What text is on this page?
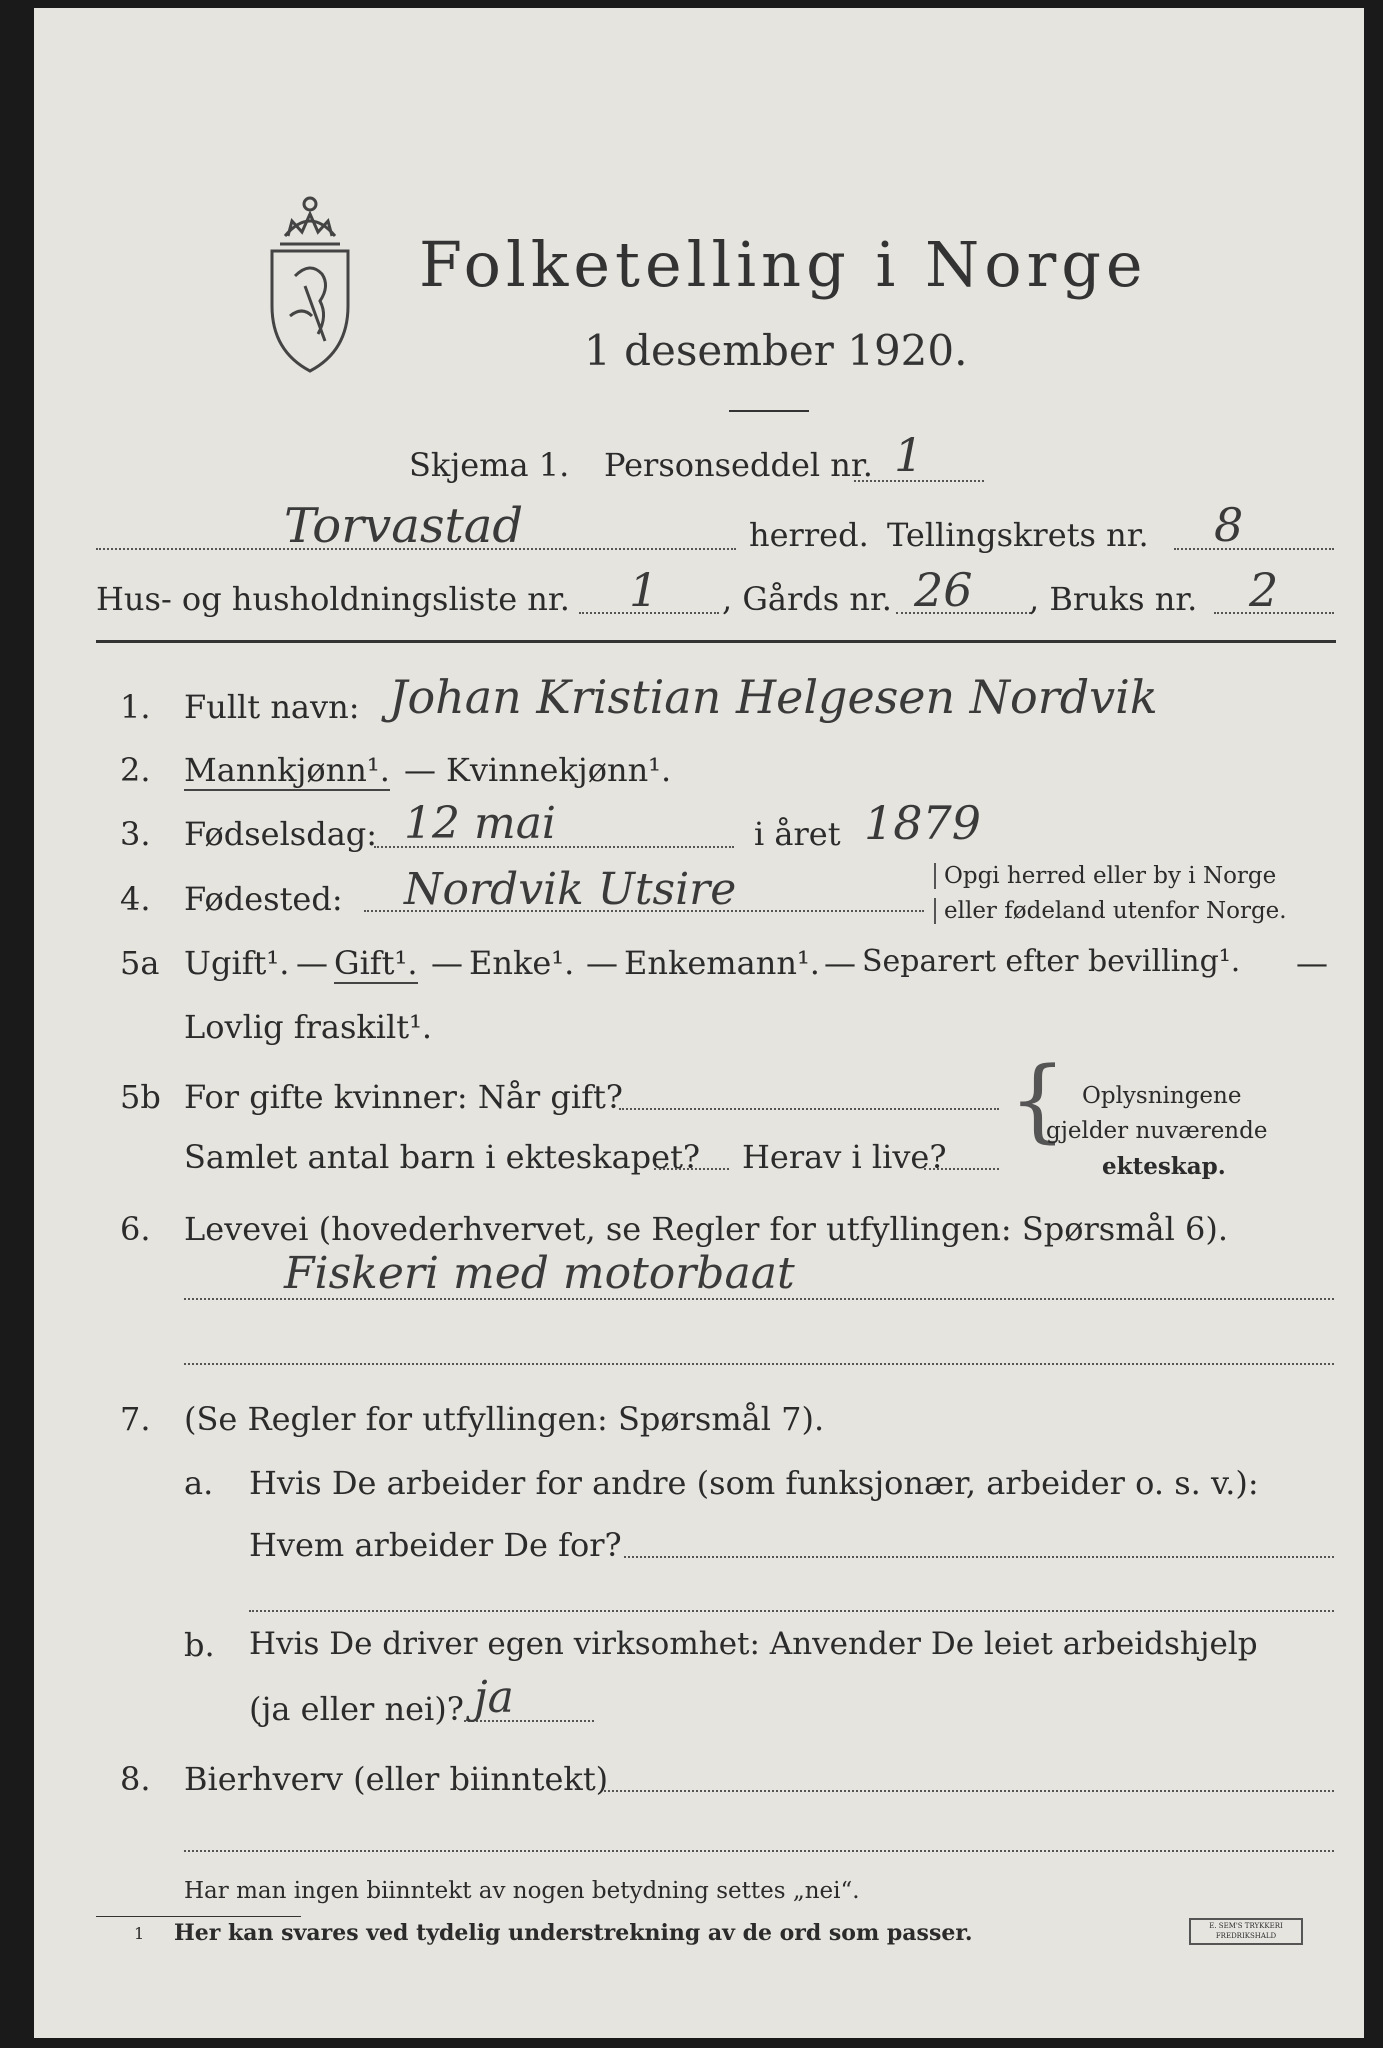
Folketelling i Norge
1 desember 1920.
Skjema 1. Personseddel nr. 1
Torvastad	herred. Tellingskrets nr. 8
Hus- og husholdningsliste nr. 1 , Gårds nr. 26 , Bruks nr. 2
1. Fullt navn: Johan Kristian Helgesen Nordvik
2. Mannkjønn¹. — Kvinnekjønn¹.
3. Fødselsdag: 12 mai	i året 1879
4. Fødested: Nordvik Utsire	Opgi herred eller by i Norge
eller fødeland utenfor Norge.
5a Ugift¹. — Gift¹. — Enke¹. — Enkemann¹. — Separert efter bevilling¹. —
Lovlig fraskilt¹.
5b For gifte kvinner: Når gift?
Samlet antal barn i ekteskapet? Herav i live?
{ Oplysningene
gjelder nuværende
ekteskap.
6. Levevei (hovederhvervet, se Regler for utfyllingen: Spørsmål 6).
Fiskeri med motorbaat
7. (Se Regler for utfyllingen: Spørsmål 7).
a. Hvis De arbeider for andre (som funksjonær, arbeider o. s. v.):
Hvem arbeider De for?
b. Hvis De driver egen virksomhet: Anvender De leiet arbeidshjelp
(ja eller nei)? ja
8. Bierhverv (eller biinntekt)
Har man ingen biinntekt av nogen betydning settes „nei“.
1 Her kan svares ved tydelig understrekning av de ord som passer.	E. SEM'S TRYKKERI FREDRIKSHALD
